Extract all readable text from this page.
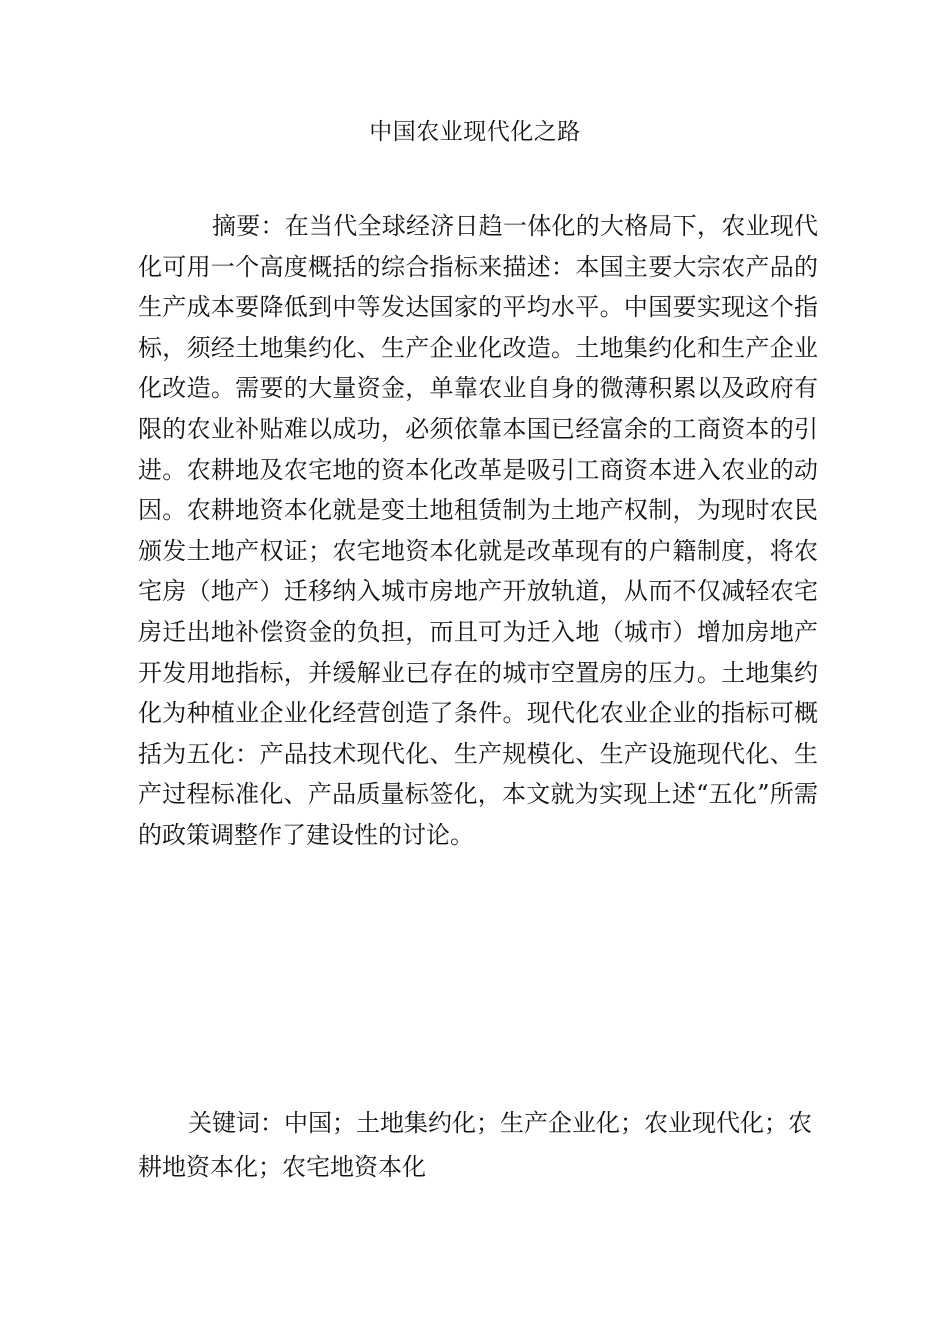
中国农业现代化之路

摘要：在当代全球经济日趋一体化的大格局下，农业现代化可用一个高度概括的综合指标来描述：本国主要大宗农产品的生产成本要降低到中等发达国家的平均水平。中国要实现这个指标，须经土地集约化、生产企业化改造。土地集约化和生产企业化改造。需要的大量资金，单靠农业自身的微薄积累以及政府有限的农业补贴难以成功，必须依靠本国已经富余的工商资本的引进。农耕地及农宅地的资本化改革是吸引工商资本进入农业的动因。农耕地资本化就是变土地租赁制为土地产权制，为现时农民颁发土地产权证；农宅地资本化就是改革现有的户籍制度，将农宅房（地产）迁移纳入城市房地产开放轨道，从而不仅减轻农宅房迁出地补偿资金的负担，而且可为迁入地（城市）增加房地产开发用地指标，并缓解业已存在的城市空置房的压力。土地集约化为种植业企业化经营创造了条件。现代化农业企业的指标可概括为五化：产品技术现代化、生产规模化、生产设施现代化、生产过程标准化、产品质量标签化，本文就为实现上述“五化”所需的政策调整作了建设性的讨论。

关键词：中国；土地集约化；生产企业化；农业现代化；农耕地资本化；农宅地资本化
